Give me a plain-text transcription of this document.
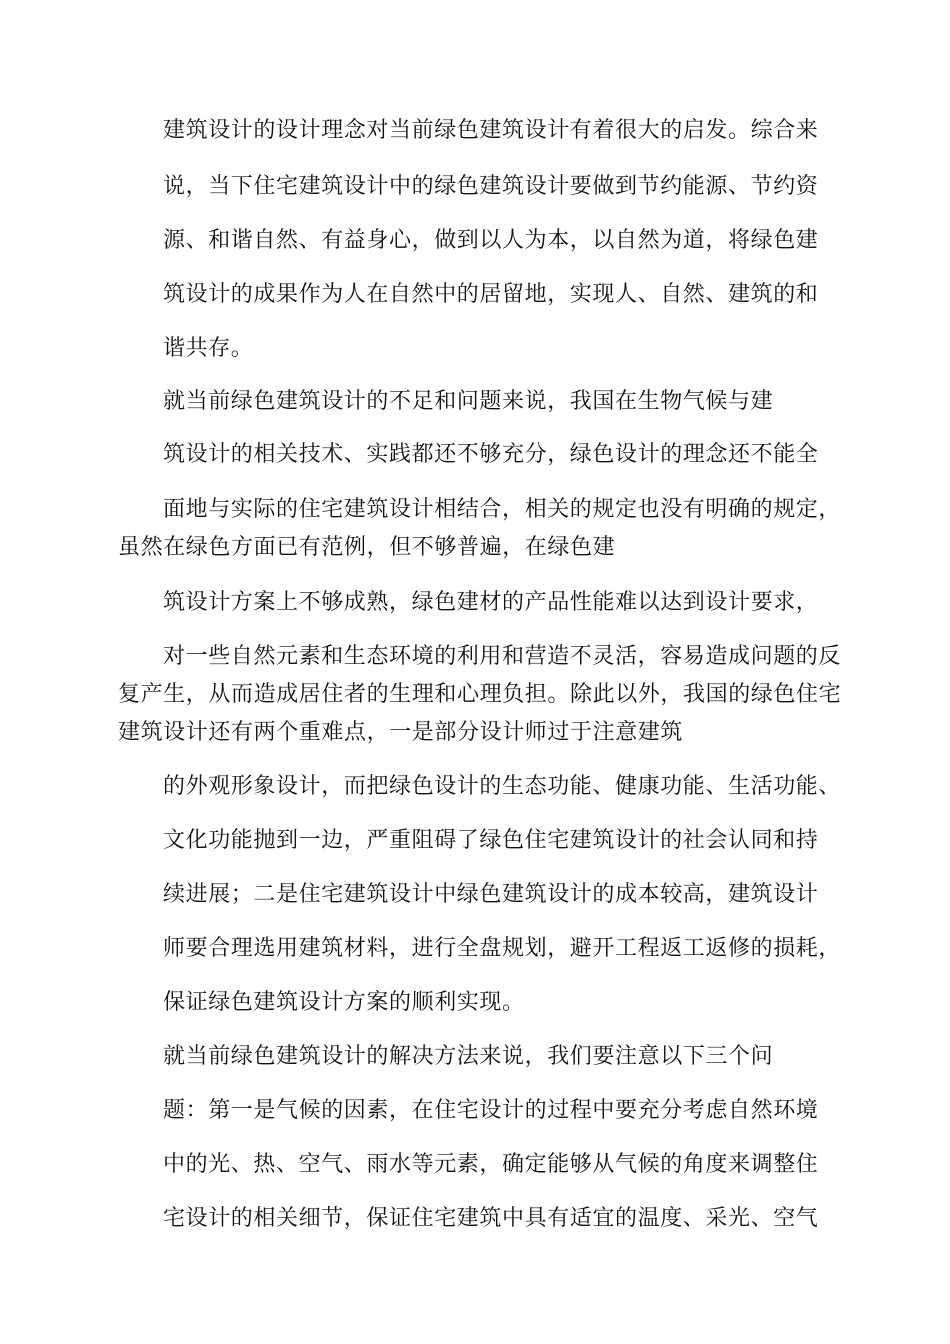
建筑设计的设计理念对当前绿色建筑设计有着很大的启发。综合来
说，当下住宅建筑设计中的绿色建筑设计要做到节约能源、节约资
源、和谐自然、有益身心，做到以人为本，以自然为道，将绿色建
筑设计的成果作为人在自然中的居留地，实现人、自然、建筑的和
谐共存。
就当前绿色建筑设计的不足和问题来说，我国在生物气候与建
筑设计的相关技术、实践都还不够充分，绿色设计的理念还不能全
面地与实际的住宅建筑设计相结合，相关的规定也没有明确的规定，
虽然在绿色方面已有范例，但不够普遍，在绿色建
筑设计方案上不够成熟，绿色建材的产品性能难以达到设计要求，
对一些自然元素和生态环境的利用和营造不灵活，容易造成问题的反
复产生，从而造成居住者的生理和心理负担。除此以外，我国的绿色住宅
建筑设计还有两个重难点，一是部分设计师过于注意建筑
的外观形象设计，而把绿色设计的生态功能、健康功能、生活功能、
文化功能抛到一边，严重阻碍了绿色住宅建筑设计的社会认同和持
续进展；二是住宅建筑设计中绿色建筑设计的成本较高，建筑设计
师要合理选用建筑材料，进行全盘规划，避开工程返工返修的损耗，
保证绿色建筑设计方案的顺利实现。
就当前绿色建筑设计的解决方法来说，我们要注意以下三个问
题：第一是气候的因素，在住宅设计的过程中要充分考虑自然环境
中的光、热、空气、雨水等元素，确定能够从气候的角度来调整住
宅设计的相关细节，保证住宅建筑中具有适宜的温度、采光、空气
